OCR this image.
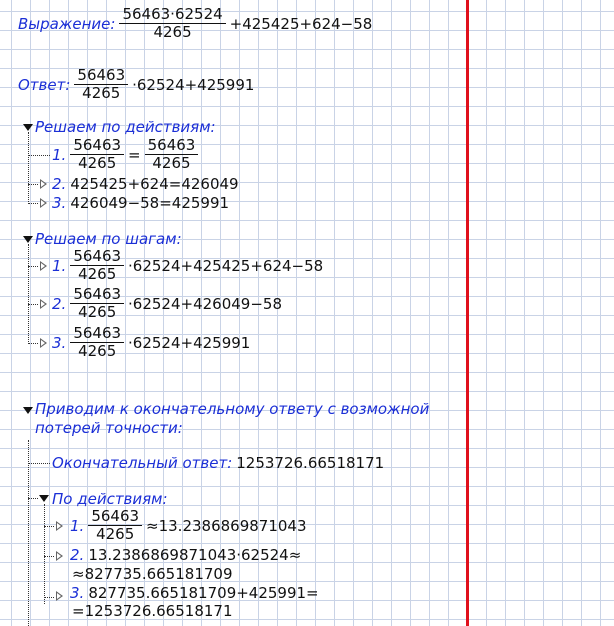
Выражение: $\frac{56463\cdot 62524}{4265} +425425+624-58$
Ответ: $\frac{56463}{4265} \cdot 62524+425991$
Решаем по действиям:
1. $\frac{56463}{4265} = \frac{56463}{4265}$
2. 425425+624=426049
3. 426049−58=425991
Решаем по шагам:
1. $\frac{56463}{4265} \cdot 62524+425425+624-58$
2. $\frac{56463}{4265} \cdot 62524+426049-58$
3. $\frac{56463}{4265} \cdot 62524+425991$
Приводим к окончательному ответу с возможной
потерей точности:
Окончательный ответ: 1253726.66518171
По действиям:
1. $\frac{56463}{4265} \approx 13.2386869871043$
2. 13.2386869871043·62524≈
≈827735.665181709
3. 827735.665181709+425991=
=1253726.66518171
